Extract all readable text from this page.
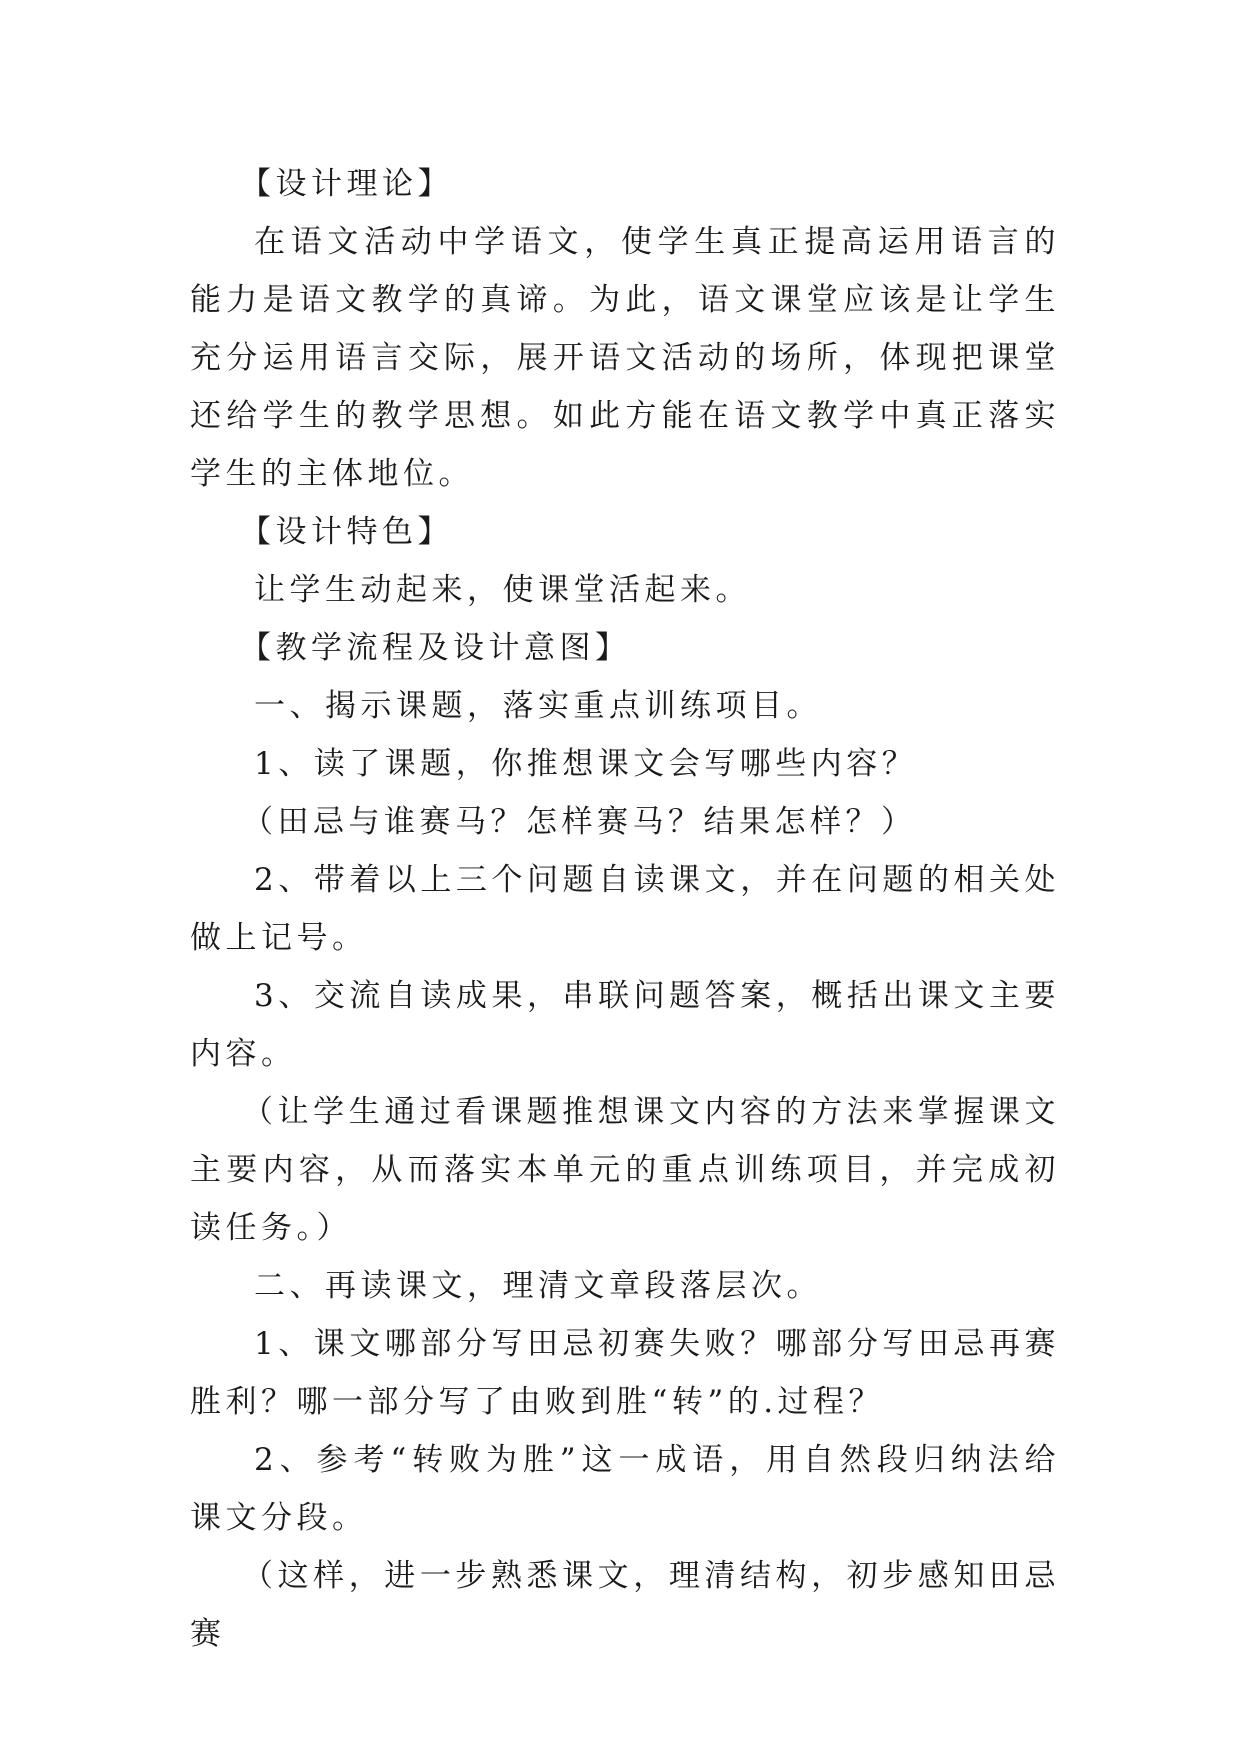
【设计理论】

在语文活动中学语文，使学生真正提高运用语言的能力是语文教学的真谛。为此，语文课堂应该是让学生充分运用语言交际，展开语文活动的场所，体现把课堂还给学生的教学思想。如此方能在语文教学中真正落实学生的主体地位。

【设计特色】

让学生动起来，使课堂活起来。

【教学流程及设计意图】

一、揭示课题，落实重点训练项目。

1、读了课题，你推想课文会写哪些内容？

（田忌与谁赛马？怎样赛马？结果怎样？）

2、带着以上三个问题自读课文，并在问题的相关处做上记号。

3、交流自读成果，串联问题答案，概括出课文主要内容。

（让学生通过看课题推想课文内容的方法来掌握课文主要内容，从而落实本单元的重点训练项目，并完成初读任务。）

二、再读课文，理清文章段落层次。

1、课文哪部分写田忌初赛失败？哪部分写田忌再赛胜利？哪一部分写了由败到胜“转”的.过程？

2、参考“转败为胜”这一成语，用自然段归纳法给课文分段。

（这样，进一步熟悉课文，理清结构，初步感知田忌赛
